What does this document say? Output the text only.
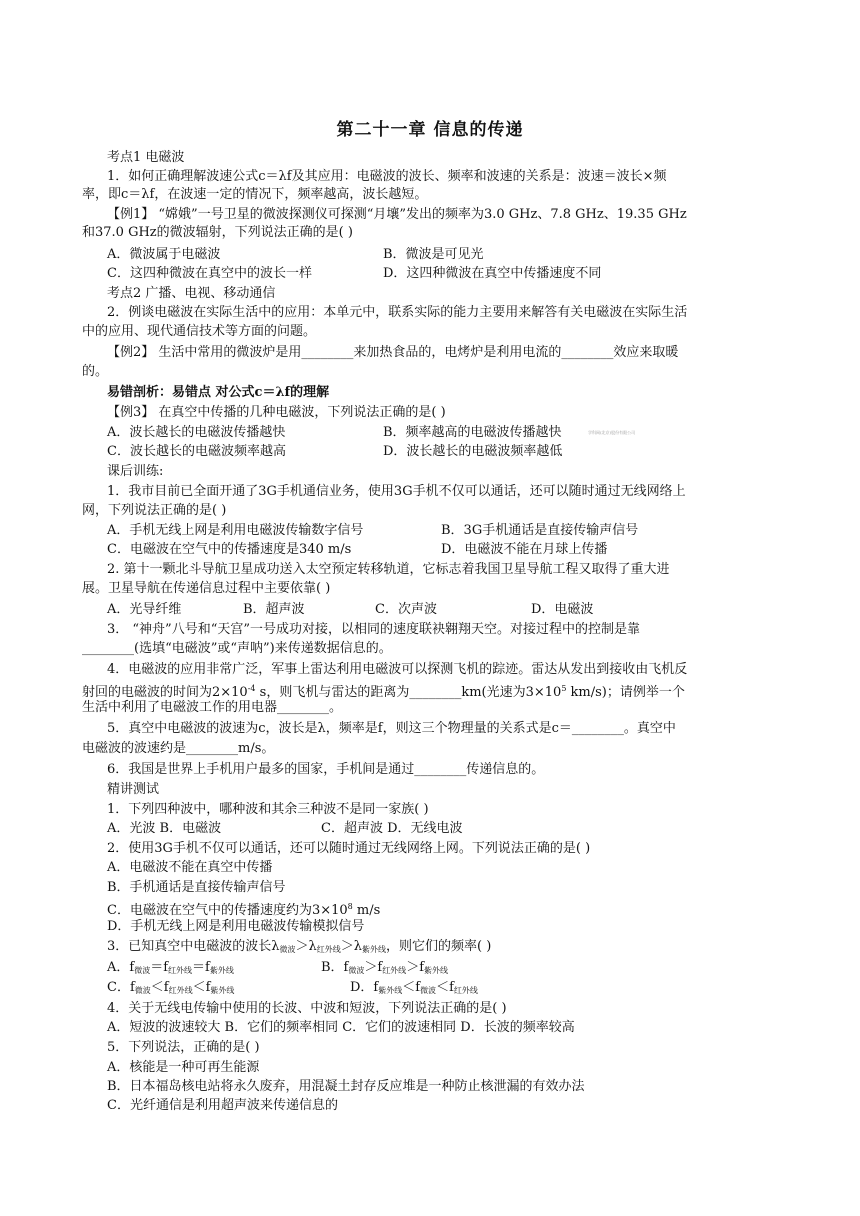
第二十一章 信息的传递
考点1 电磁波
1．如何正确理解波速公式c＝λf及其应用：电磁波的波长、频率和波速的关系是：波速＝波长×频
率，即c＝λf，在波速一定的情况下，频率越高，波长越短。
【例1】 “嫦娥”一号卫星的微波探测仪可探测“月壤”发出的频率为3.0 GHz、7.8 GHz、19.35 GHz
和37.0 GHz的微波辐射，下列说法正确的是( )
A．微波属于电磁波	B．微波是可见光
C．这四种微波在真空中的波长一样	D．这四种微波在真空中传播速度不同
考点2 广播、电视、移动通信
2．例谈电磁波在实际生活中的应用：本单元中，联系实际的能力主要用来解答有关电磁波在实际生活
中的应用、现代通信技术等方面的问题。
【例2】 生活中常用的微波炉是用________来加热食品的，电烤炉是利用电流的________效应来取暖
的。
易错剖析：易错点 对公式c＝λf的理解
【例3】 在真空中传播的几种电磁波，下列说法正确的是( )
A．波长越长的电磁波传播越快	B．频率越高的电磁波传播越快	学科网(北京)股份有限公司
C．波长越长的电磁波频率越高	D．波长越长的电磁波频率越低
课后训练:
1．我市目前已全面开通了3G手机通信业务，使用3G手机不仅可以通话，还可以随时通过无线网络上
网，下列说法正确的是( )
A．手机无线上网是利用电磁波传输数字信号	B．3G手机通话是直接传输声信号
C．电磁波在空气中的传播速度是340 m/s	D．电磁波不能在月球上传播
2. 第十一颗北斗导航卫星成功送入太空预定转移轨道，它标志着我国卫星导航工程又取得了重大进
展。卫星导航在传递信息过程中主要依靠( )
A．光导纤维	B．超声波	C．次声波	D．电磁波
3． “神舟”八号和“天宫”一号成功对接，以相同的速度联袂翱翔天空。对接过程中的控制是靠
________(选填“电磁波”或“声呐”)来传递数据信息的。
4．电磁波的应用非常广泛，军事上雷达利用电磁波可以探测飞机的踪迹。雷达从发出到接收由飞机反
射回的电磁波的时间为$2\times 10^{-4}$ s，则飞机与雷达的距离为________km(光速为$3\times 10^5$ km/s)；请例举一个
生活中利用了电磁波工作的用电器________。
5．真空中电磁波的波速为c，波长是λ，频率是f，则这三个物理量的关系式是c＝________。真空中
电磁波的波速约是________m/s。
6．我国是世界上手机用户最多的国家，手机间是通过________传递信息的。
精讲测试
1．下列四种波中，哪种波和其余三种波不是同一家族( )
A．光波 B．电磁波	C．超声波 D．无线电波
2．使用3G手机不仅可以通话，还可以随时通过无线网络上网。下列说法正确的是( )
A．电磁波不能在真空中传播
B．手机通话是直接传输声信号
C．电磁波在空气中的传播速度约为$3\times 10^8$ m/s
D．手机无线上网是利用电磁波传输模拟信号
3．已知真空中电磁波的波长$\lambda_{微波}>\lambda_{红外线}>\lambda_{紫外线}$，则它们的频率( )
A．$f_{微波}=f_{红外线}=f_{紫外线}$	B．$f_{微波}>f_{红外线}>f_{紫外线}$
C．$f_{微波}<f_{红外线}<f_{紫外线}$	D．$f_{紫外线}<f_{微波}<f_{红外线}$
4．关于无线电传输中使用的长波、中波和短波，下列说法正确的是( )
A．短波的波速较大 B．它们的频率相同 C．它们的波速相同 D．长波的频率较高
5．下列说法，正确的是( )
A．核能是一种可再生能源
B．日本福岛核电站将永久废弃，用混凝土封存反应堆是一种防止核泄漏的有效办法
C．光纤通信是利用超声波来传递信息的
